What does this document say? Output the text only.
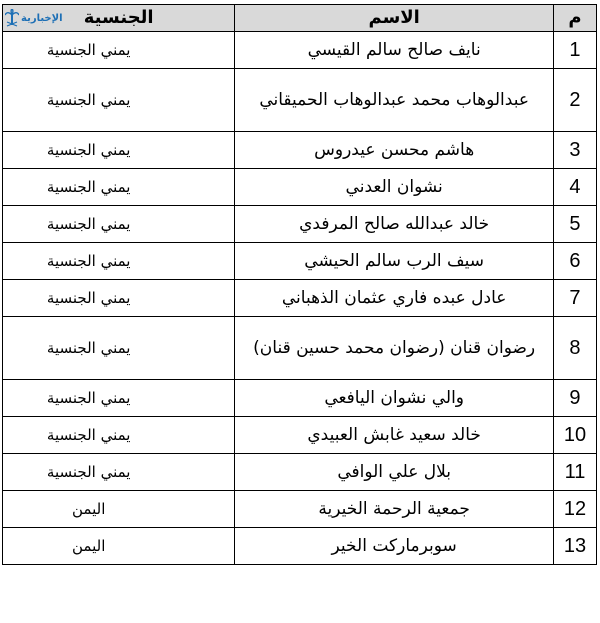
الإخبارية الجنسية	الاسم	م

يمني الجنسية	نايف صالح سالم القيسي	1
يمني الجنسية	عبدالوهاب محمد عبدالوهاب الحميقاني	2
يمني الجنسية	هاشم محسن عيدروس	3
يمني الجنسية	نشوان العدني	4
يمني الجنسية	خالد عبدالله صالح المرفدي	5
يمني الجنسية	سيف الرب سالم الحيشي	6
يمني الجنسية	عادل عبده فاري عثمان الذهباني	7
يمني الجنسية	رضوان قنان (رضوان محمد حسين قنان)	8
يمني الجنسية	والي نشوان اليافعي	9
يمني الجنسية	خالد سعيد غابش العبيدي	10
يمني الجنسية	بلال علي الوافي	11
اليمن	جمعية الرحمة الخيرية	12
اليمن	سوبرماركت الخير	13
